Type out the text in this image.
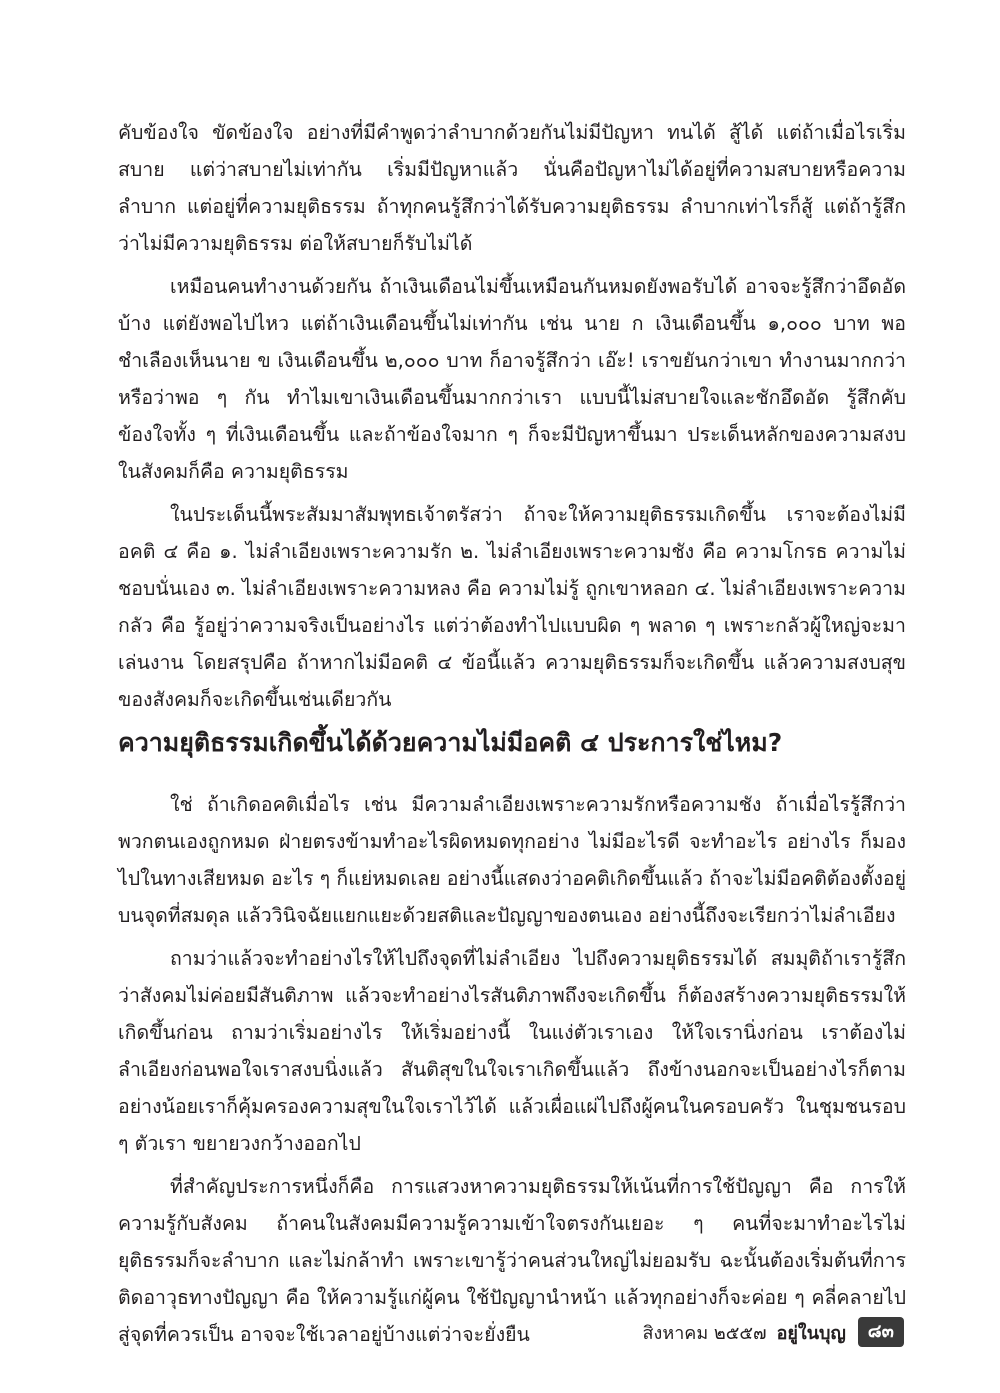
คับข้องใจ ขัดข้องใจ อย่างที่มีคำพูดว่าลำบากด้วยกันไม่มีปัญหา ทนได้ สู้ได้ แต่ถ้าเมื่อไรเริ่มสบาย แต่ว่าสบายไม่เท่ากัน เริ่มมีปัญหาแล้ว นั่นคือปัญหาไม่ได้อยู่ที่ความสบายหรือความลำบาก แต่อยู่ที่ความยุติธรรม ถ้าทุกคนรู้สึกว่าได้รับความยุติธรรม ลำบากเท่าไรก็สู้ แต่ถ้ารู้สึกว่าไม่มีความยุติธรรม ต่อให้สบายก็รับไม่ได้

เหมือนคนทำงานด้วยกัน ถ้าเงินเดือนไม่ขึ้นเหมือนกันหมดยังพอรับได้ อาจจะรู้สึกว่าอึดอัดบ้าง แต่ยังพอไปไหว แต่ถ้าเงินเดือนขึ้นไม่เท่ากัน เช่น นาย ก เงินเดือนขึ้น ๑,๐๐๐ บาท พอชำเลืองเห็นนาย ข เงินเดือนขึ้น ๒,๐๐๐ บาท ก็อาจรู้สึกว่า เอ๊ะ! เราขยันกว่าเขา ทำงานมากกว่าหรือว่าพอ ๆ กัน ทำไมเขาเงินเดือนขึ้นมากกว่าเรา แบบนี้ไม่สบายใจและชักอึดอัด รู้สึกคับข้องใจทั้ง ๆ ที่เงินเดือนขึ้น และถ้าข้องใจมาก ๆ ก็จะมีปัญหาขึ้นมา ประเด็นหลักของความสงบในสังคมก็คือ ความยุติธรรม

ในประเด็นนี้พระสัมมาสัมพุทธเจ้าตรัสว่า ถ้าจะให้ความยุติธรรมเกิดขึ้น เราจะต้องไม่มีอคติ ๔ คือ ๑. ไม่ลำเอียงเพราะความรัก ๒. ไม่ลำเอียงเพราะความชัง คือ ความโกรธ ความไม่ชอบนั่นเอง ๓. ไม่ลำเอียงเพราะความหลง คือ ความไม่รู้ ถูกเขาหลอก ๔. ไม่ลำเอียงเพราะความกลัว คือ รู้อยู่ว่าความจริงเป็นอย่างไร แต่ว่าต้องทำไปแบบผิด ๆ พลาด ๆ เพราะกลัวผู้ใหญ่จะมาเล่นงาน โดยสรุปคือ ถ้าหากไม่มีอคติ ๔ ข้อนี้แล้ว ความยุติธรรมก็จะเกิดขึ้น แล้วความสงบสุขของสังคมก็จะเกิดขึ้นเช่นเดียวกัน

ความยุติธรรมเกิดขึ้นได้ด้วยความไม่มีอคติ ๔ ประการใช่ไหม?

ใช่ ถ้าเกิดอคติเมื่อไร เช่น มีความลำเอียงเพราะความรักหรือความชัง ถ้าเมื่อไรรู้สึกว่าพวกตนเองถูกหมด ฝ่ายตรงข้ามทำอะไรผิดหมดทุกอย่าง ไม่มีอะไรดี จะทำอะไร อย่างไร ก็มองไปในทางเสียหมด อะไร ๆ ก็แย่หมดเลย อย่างนี้แสดงว่าอคติเกิดขึ้นแล้ว ถ้าจะไม่มีอคติต้องตั้งอยู่บนจุดที่สมดุล แล้ววินิจฉัยแยกแยะด้วยสติและปัญญาของตนเอง อย่างนี้ถึงจะเรียกว่าไม่ลำเอียง

ถามว่าแล้วจะทำอย่างไรให้ไปถึงจุดที่ไม่ลำเอียง ไปถึงความยุติธรรมได้ สมมุติถ้าเรารู้สึกว่าสังคมไม่ค่อยมีสันติภาพ แล้วจะทำอย่างไรสันติภาพถึงจะเกิดขึ้น ก็ต้องสร้างความยุติธรรมให้เกิดขึ้นก่อน ถามว่าเริ่มอย่างไร ให้เริ่มอย่างนี้ ในแง่ตัวเราเอง ให้ใจเรานิ่งก่อน เราต้องไม่ลำเอียงก่อนพอใจเราสงบนิ่งแล้ว สันติสุขในใจเราเกิดขึ้นแล้ว ถึงข้างนอกจะเป็นอย่างไรก็ตาม อย่างน้อยเราก็คุ้มครองความสุขในใจเราไว้ได้ แล้วเผื่อแผ่ไปถึงผู้คนในครอบครัว ในชุมชนรอบ ๆ ตัวเรา ขยายวงกว้างออกไป

ที่สำคัญประการหนึ่งก็คือ การแสวงหาความยุติธรรมให้เน้นที่การใช้ปัญญา คือ การให้ความรู้กับสังคม ถ้าคนในสังคมมีความรู้ความเข้าใจตรงกันเยอะ ๆ คนที่จะมาทำอะไรไม่ยุติธรรมก็จะลำบาก และไม่กล้าทำ เพราะเขารู้ว่าคนส่วนใหญ่ไม่ยอมรับ ฉะนั้นต้องเริ่มต้นที่การติดอาวุธทางปัญญา คือ ให้ความรู้แก่ผู้คน ใช้ปัญญานำหน้า แล้วทุกอย่างก็จะค่อย ๆ คลี่คลายไปสู่จุดที่ควรเป็น อาจจะใช้เวลาอยู่บ้างแต่ว่าจะยั่งยืน	สิงหาคม ๒๕๕๗ อยู่ในบุญ	๘๓
